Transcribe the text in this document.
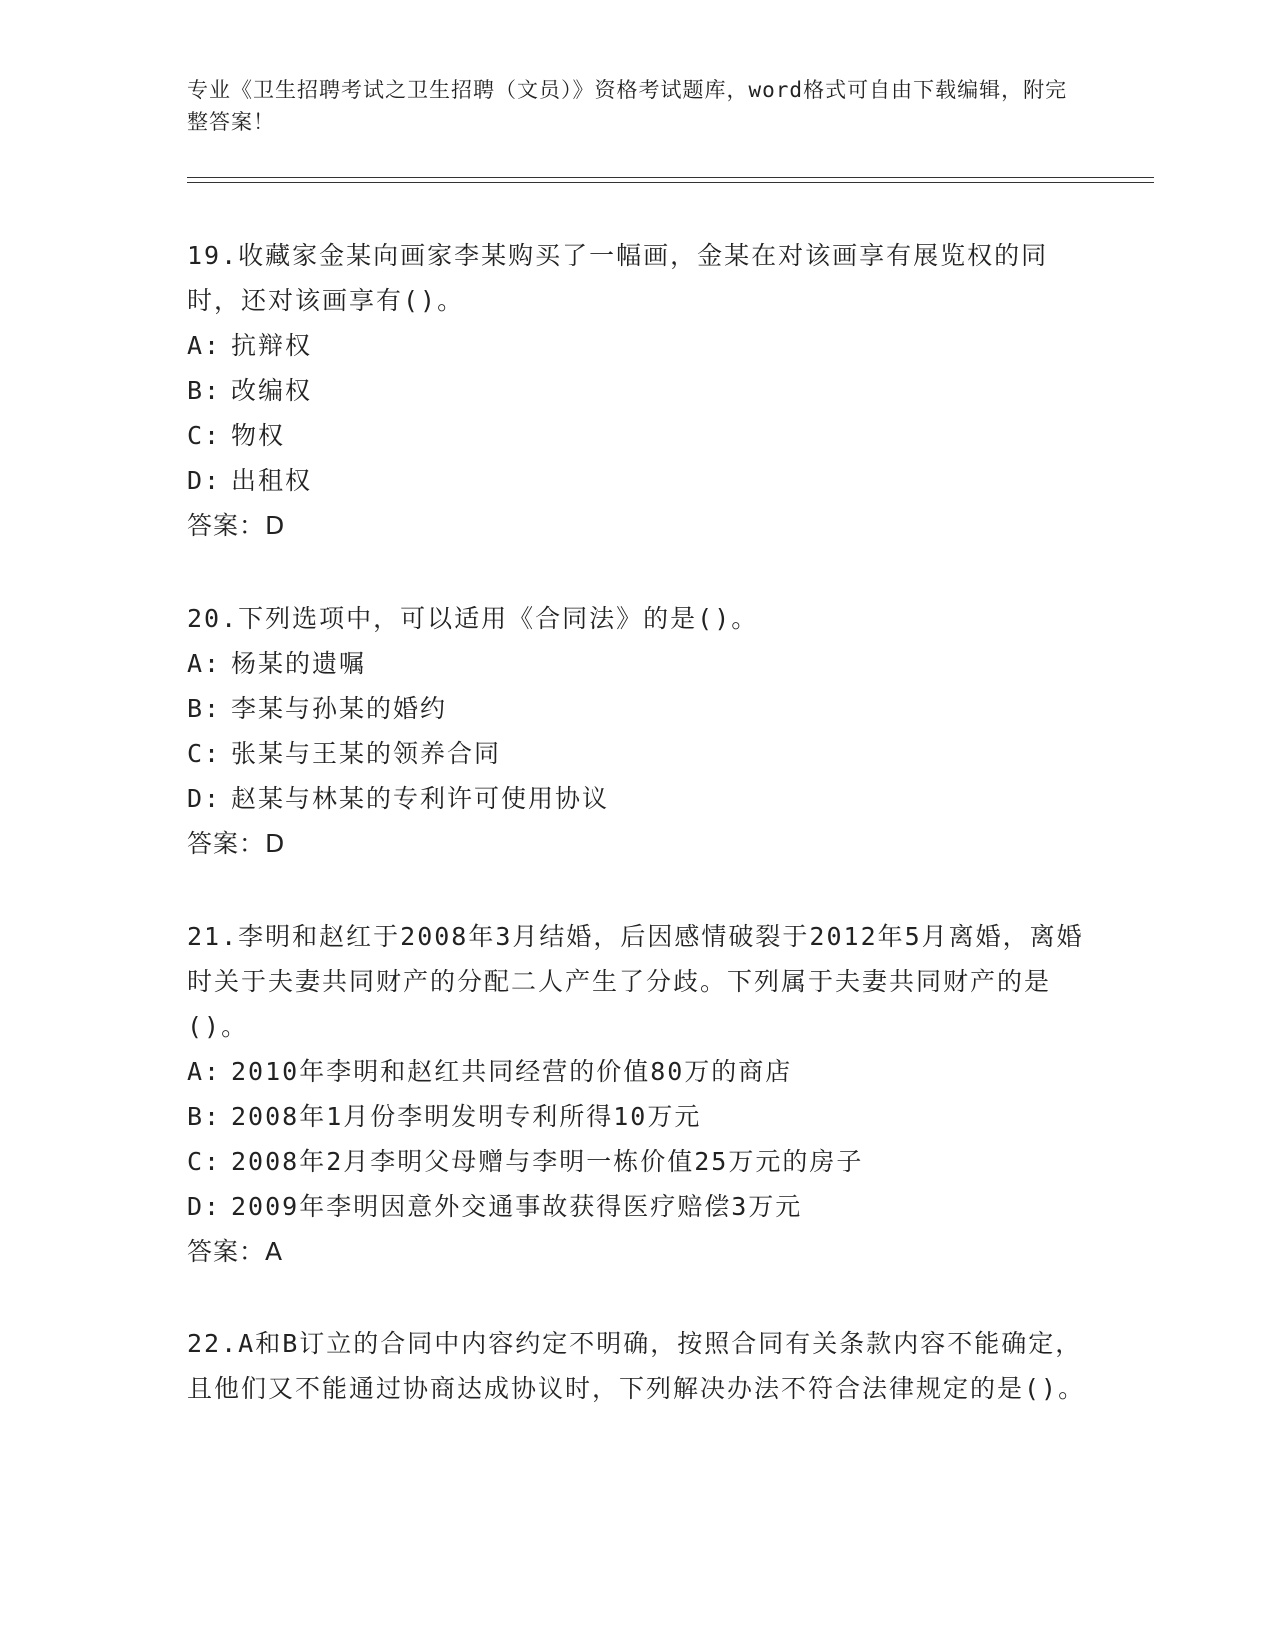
专业《卫生招聘考试之卫生招聘（文员）》资格考试题库，word格式可自由下载编辑，附完整答案！
19.收藏家金某向画家李某购买了一幅画，金某在对该画享有展览权的同时，还对该画享有()。
A: 抗辩权
B: 改编权
C: 物权
D: 出租权
答案：D
20.下列选项中，可以适用《合同法》的是()。
A: 杨某的遗嘱
B: 李某与孙某的婚约
C: 张某与王某的领养合同
D: 赵某与林某的专利许可使用协议
答案：D
21.李明和赵红于2008年3月结婚，后因感情破裂于2012年5月离婚，离婚时关于夫妻共同财产的分配二人产生了分歧。下列属于夫妻共同财产的是()。
A: 2010年李明和赵红共同经营的价值80万的商店
B: 2008年1月份李明发明专利所得10万元
C: 2008年2月李明父母赠与李明一栋价值25万元的房子
D: 2009年李明因意外交通事故获得医疗赔偿3万元
答案：A
22.A和B订立的合同中内容约定不明确，按照合同有关条款内容不能确定，且他们又不能通过协商达成协议时，下列解决办法不符合法律规定的是()。
